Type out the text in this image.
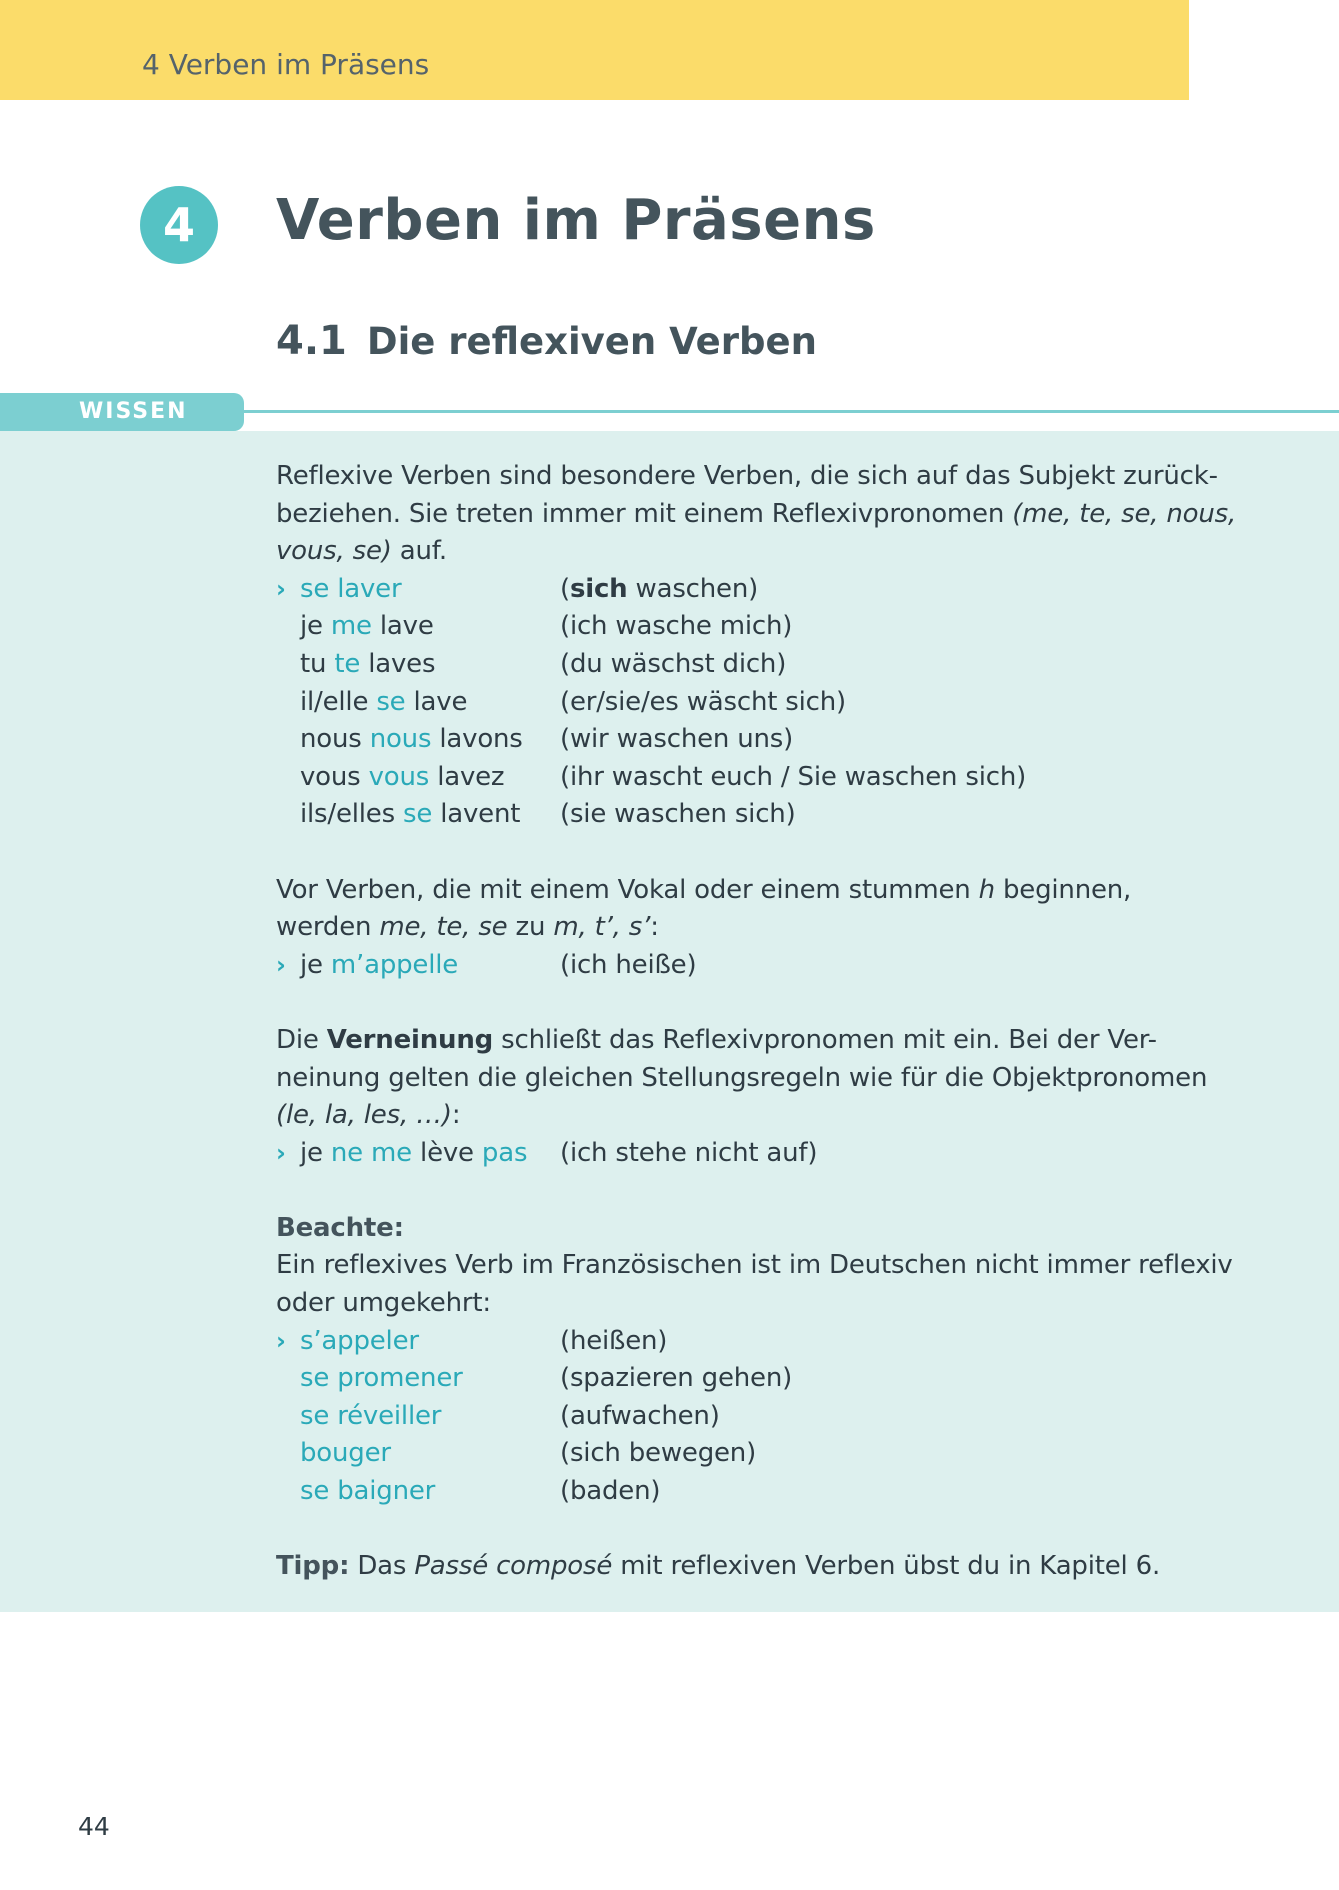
4 Verben im Präsens
4	Verben im Präsens
4.1 Die reflexiven Verben
WISSEN

Reflexive Verben sind besondere Verben, die sich auf das Subjekt zurück-
beziehen. Sie treten immer mit einem Reflexivpronomen (me, te, se, nous,
vous, se) auf.

› se laver	(sich waschen)
je me lave	(ich wasche mich)
tu te laves	(du wäschst dich)
il/elle se lave	(er/sie/es wäscht sich)
nous nous lavons (wir waschen uns)
vous vous lavez (ihr wascht euch / Sie waschen sich)
ils/elles se lavent (sie waschen sich)

Vor Verben, die mit einem Vokal oder einem stummen h beginnen,
werden me, te, se zu m, t’, s’:

› je m’appelle	(ich heiße)

Die Verneinung schließt das Reflexivpronomen mit ein. Bei der Ver-
neinung gelten die gleichen Stellungsregeln wie für die Objektpronomen
(le, la, les, …):

› je ne me lève pas (ich stehe nicht auf)

Beachte:
Ein reflexives Verb im Französischen ist im Deutschen nicht immer reflexiv
oder umgekehrt:

› s’appeler	(heißen)
se promener	(spazieren gehen)
se réveiller	(aufwachen)
bouger	(sich bewegen)
se baigner	(baden)

Tipp: Das Passé composé mit reflexiven Verben übst du in Kapitel 6.

44
